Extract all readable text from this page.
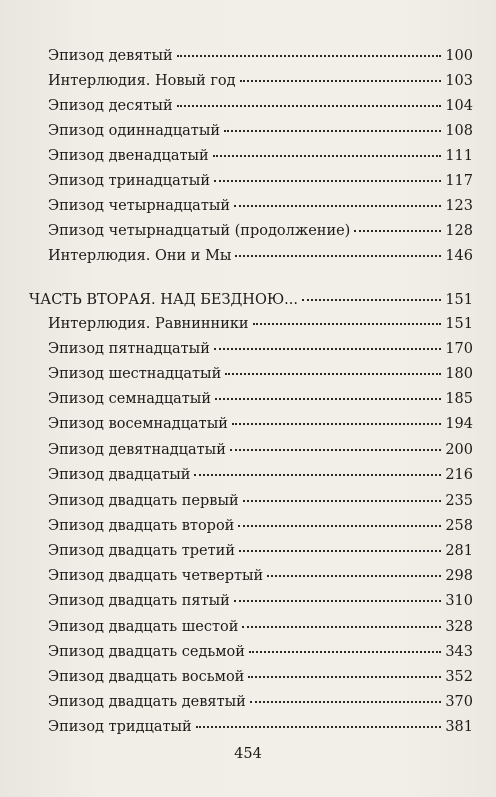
Эпизод девятый	100
Интерлюдия. Новый год	103
Эпизод десятый	104
Эпизод одиннадцатый	108
Эпизод двенадцатый	111
Эпизод тринадцатый	117
Эпизод четырнадцатый	123
Эпизод четырнадцатый (продолжение)	128
Интерлюдия. Они и Мы	146
ЧАСТЬ ВТОРАЯ. НАД БЕЗДНОЮ...	151
Интерлюдия. Равнинники	151
Эпизод пятнадцатый	170
Эпизод шестнадцатый	180
Эпизод семнадцатый	185
Эпизод восемнадцатый	194
Эпизод девятнадцатый	200
Эпизод двадцатый	216
Эпизод двадцать первый	235
Эпизод двадцать второй	258
Эпизод двадцать третий	281
Эпизод двадцать четвертый	298
Эпизод двадцать пятый	310
Эпизод двадцать шестой	328
Эпизод двадцать седьмой	343
Эпизод двадцать восьмой	352
Эпизод двадцать девятый	370
Эпизод тридцатый	381
454
